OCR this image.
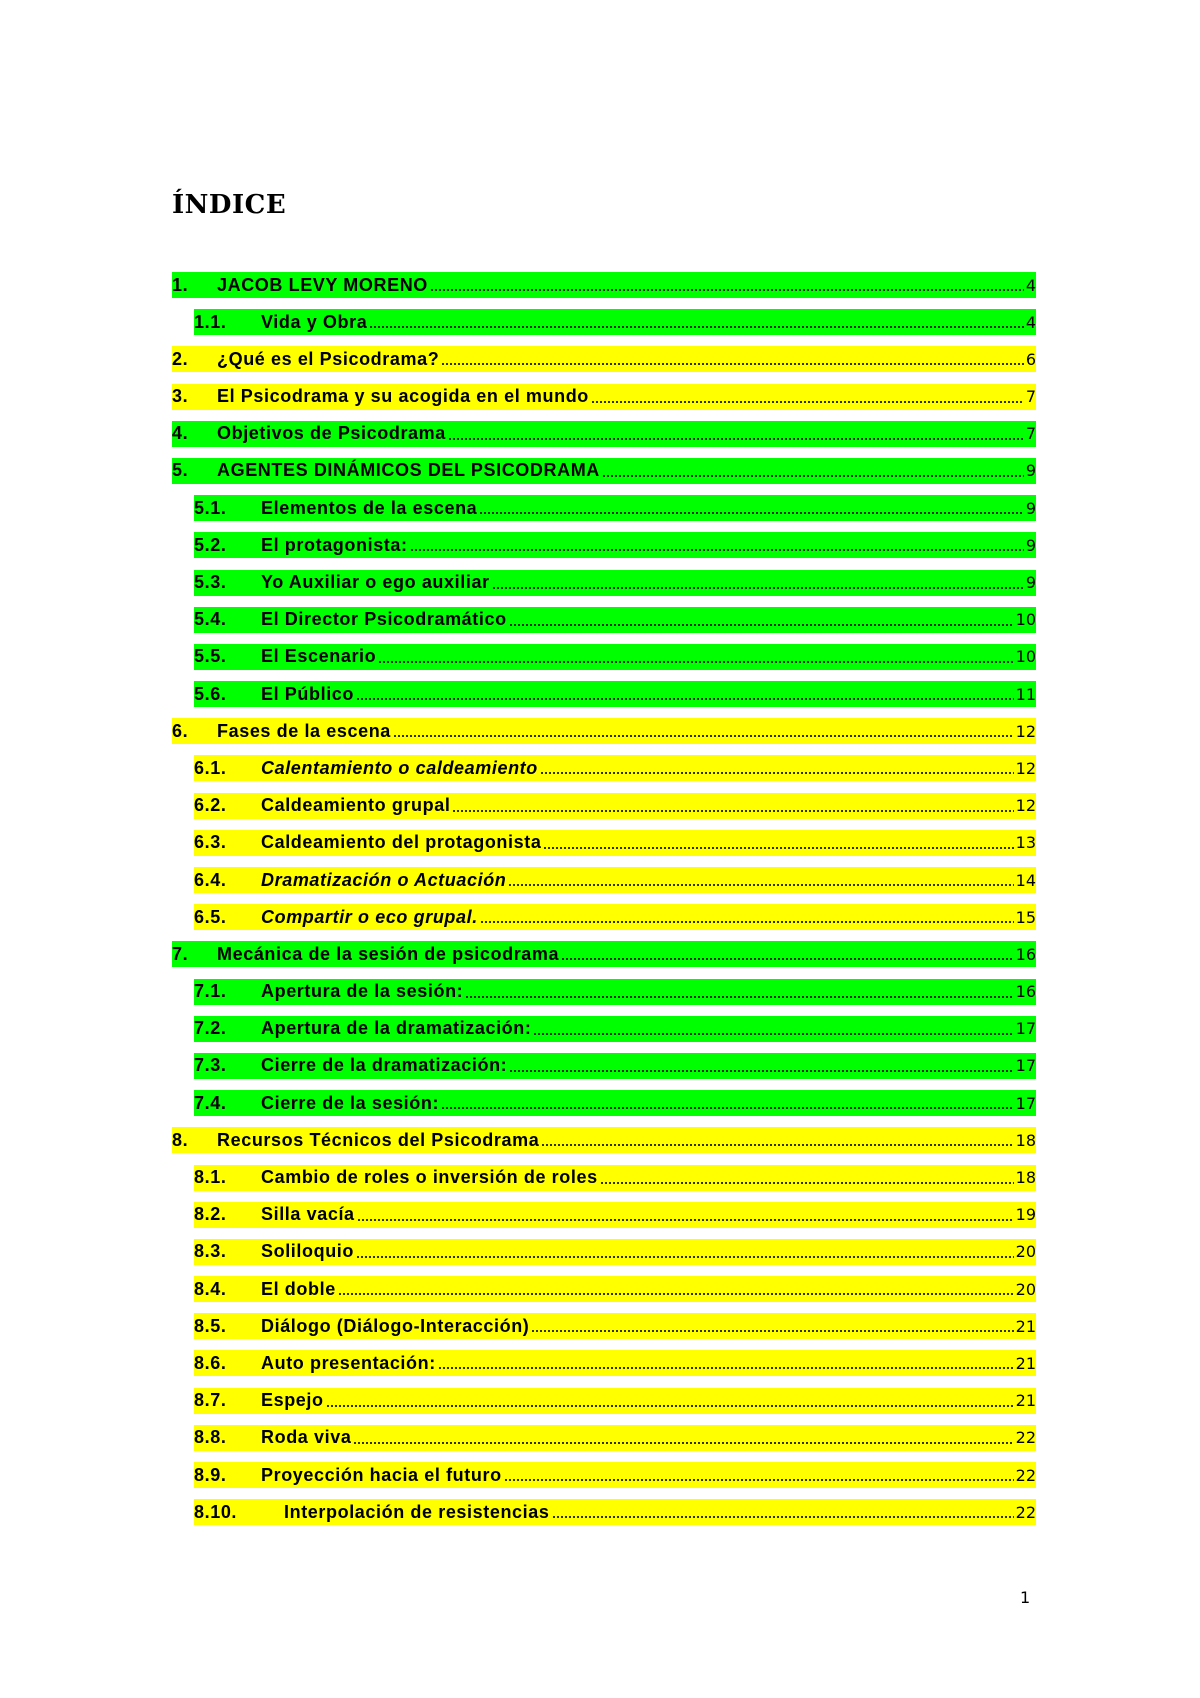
ÍNDICE
1.	JACOB LEVY MORENO	4
1.1.	Vida y Obra	4
2.	¿Qué es el Psicodrama?	6
3.	El Psicodrama y su acogida en el mundo	7
4.	Objetivos de Psicodrama	7
5.	AGENTES DINÁMICOS DEL PSICODRAMA	9
5.1.	Elementos de la escena	9
5.2.	El protagonista:	9
5.3.	Yo Auxiliar o ego auxiliar	9
5.4.	El Director Psicodramático	10
5.5.	El Escenario	10
5.6.	El Público	11
6.	Fases de la escena	12
6.1.	Calentamiento o caldeamiento	12
6.2.	Caldeamiento grupal	12
6.3.	Caldeamiento del protagonista	13
6.4.	Dramatización o Actuación	14
6.5.	Compartir o eco grupal.	15
7.	Mecánica de la sesión de psicodrama	16
7.1.	Apertura de la sesión:	16
7.2.	Apertura de la dramatización:	17
7.3.	Cierre de la dramatización:	17
7.4.	Cierre de la sesión:	17
8.	Recursos Técnicos del Psicodrama	18
8.1.	Cambio de roles o inversión de roles	18
8.2.	Silla vacía	19
8.3.	Soliloquio	20
8.4.	El doble	20
8.5.	Diálogo (Diálogo-Interacción)	21
8.6.	Auto presentación:	21
8.7.	Espejo	21
8.8.	Roda viva	22
8.9.	Proyección hacia el futuro	22
8.10.	Interpolación de resistencias	22
1
